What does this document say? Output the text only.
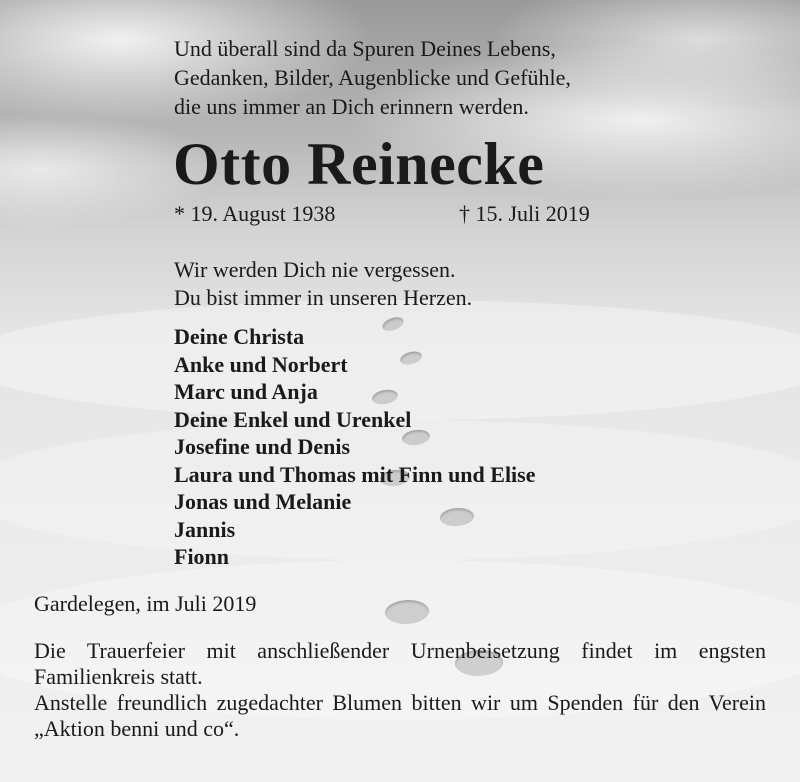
Und überall sind da Spuren Deines Lebens,
Gedanken, Bilder, Augenblicke und Gefühle,
die uns immer an Dich erinnern werden.
Otto Reinecke
* 19. August 1938	† 15. Juli 2019
Wir werden Dich nie vergessen.
Du bist immer in unseren Herzen.
Deine Christa
Anke und Norbert
Marc und Anja
Deine Enkel und Urenkel
Josefine und Denis
Laura und Thomas mit Finn und Elise
Jonas und Melanie
Jannis
Fionn
Gardelegen, im Juli 2019
Die Trauerfeier mit anschließender Urnenbeisetzung findet im engsten Familienkreis statt.
Anstelle freundlich zugedachter Blumen bitten wir um Spenden für den Verein „Aktion benni und co“.
